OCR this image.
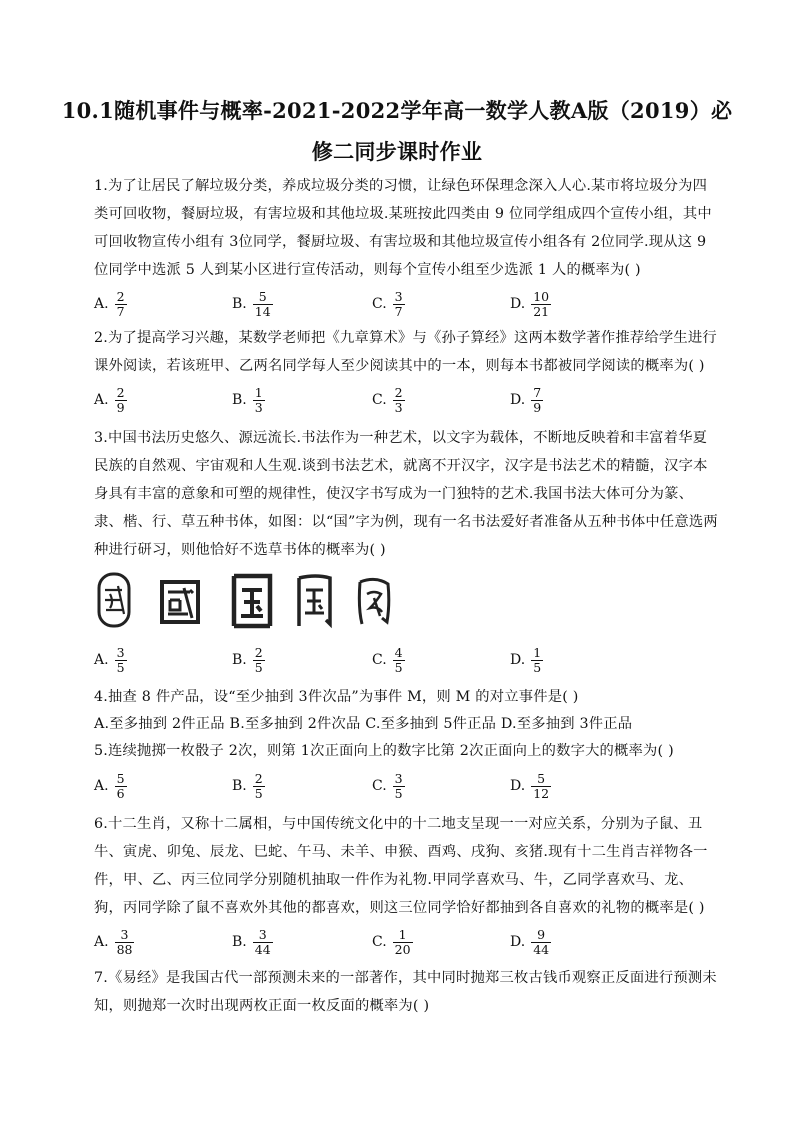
10.1随机事件与概率-2021-2022学年高一数学人教A版（2019）必
修二同步课时作业
1.为了让居民了解垃圾分类，养成垃圾分类的习惯，让绿色环保理念深入人心.某市将垃圾分为四
类可回收物，餐厨垃圾，有害垃圾和其他垃圾.某班按此四类由 9 位同学组成四个宣传小组，其中
可回收物宣传小组有 3位同学，餐厨垃圾、有害垃圾和其他垃圾宣传小组各有 2位同学.现从这 9
位同学中选派 5 人到某小区进行宣传活动，则每个宣传小组至少选派 1 人的概率为( )
A. $\frac{2}{7}$	B. $\frac{5}{14}$	C. $\frac{3}{7}$	D. $\frac{10}{21}$
2.为了提高学习兴趣，某数学老师把《九章算术》与《孙子算经》这两本数学著作推荐给学生进行
课外阅读，若该班甲、乙两名同学每人至少阅读其中的一本，则每本书都被同学阅读的概率为( )
A. $\frac{2}{9}$	B. $\frac{1}{3}$	C. $\frac{2}{3}$	D. $\frac{7}{9}$
3.中国书法历史悠久、源远流长.书法作为一种艺术，以文字为载体，不断地反映着和丰富着华夏
民族的自然观、宇宙观和人生观.谈到书法艺术，就离不开汉字，汉字是书法艺术的精髓，汉字本
身具有丰富的意象和可塑的规律性，使汉字书写成为一门独特的艺术.我国书法大体可分为篆、
隶、楷、行、草五种书体，如图：以“国”字为例，现有一名书法爱好者准备从五种书体中任意选两
种进行研习，则他恰好不选草书体的概率为( )
A. $\frac{3}{5}$	B. $\frac{2}{5}$	C. $\frac{4}{5}$	D. $\frac{1}{5}$
4.抽查 8 件产品，设“至少抽到 3件次品”为事件 M，则 M 的对立事件是( )
A.至多抽到 2件正品 B.至多抽到 2件次品 C.至多抽到 5件正品 D.至多抽到 3件正品
5.连续抛掷一枚骰子 2次，则第 1次正面向上的数字比第 2次正面向上的数字大的概率为( )
A. $\frac{5}{6}$	B. $\frac{2}{5}$	C. $\frac{3}{5}$	D. $\frac{5}{12}$
6.十二生肖，又称十二属相，与中国传统文化中的十二地支呈现一一对应关系，分别为子鼠、丑
牛、寅虎、卯兔、辰龙、巳蛇、午马、未羊、申猴、酉鸡、戌狗、亥猪.现有十二生肖吉祥物各一
件，甲、乙、丙三位同学分别随机抽取一件作为礼物.甲同学喜欢马、牛，乙同学喜欢马、龙、
狗，丙同学除了鼠不喜欢外其他的都喜欢，则这三位同学恰好都抽到各自喜欢的礼物的概率是( )
A. $\frac{3}{88}$	B. $\frac{3}{44}$	C. $\frac{1}{20}$	D. $\frac{9}{44}$
7.《易经》是我国古代一部预测未来的一部著作，其中同时抛郑三枚古钱币观察正反面进行预测未
知，则抛郑一次时出现两枚正面一枚反面的概率为( )
